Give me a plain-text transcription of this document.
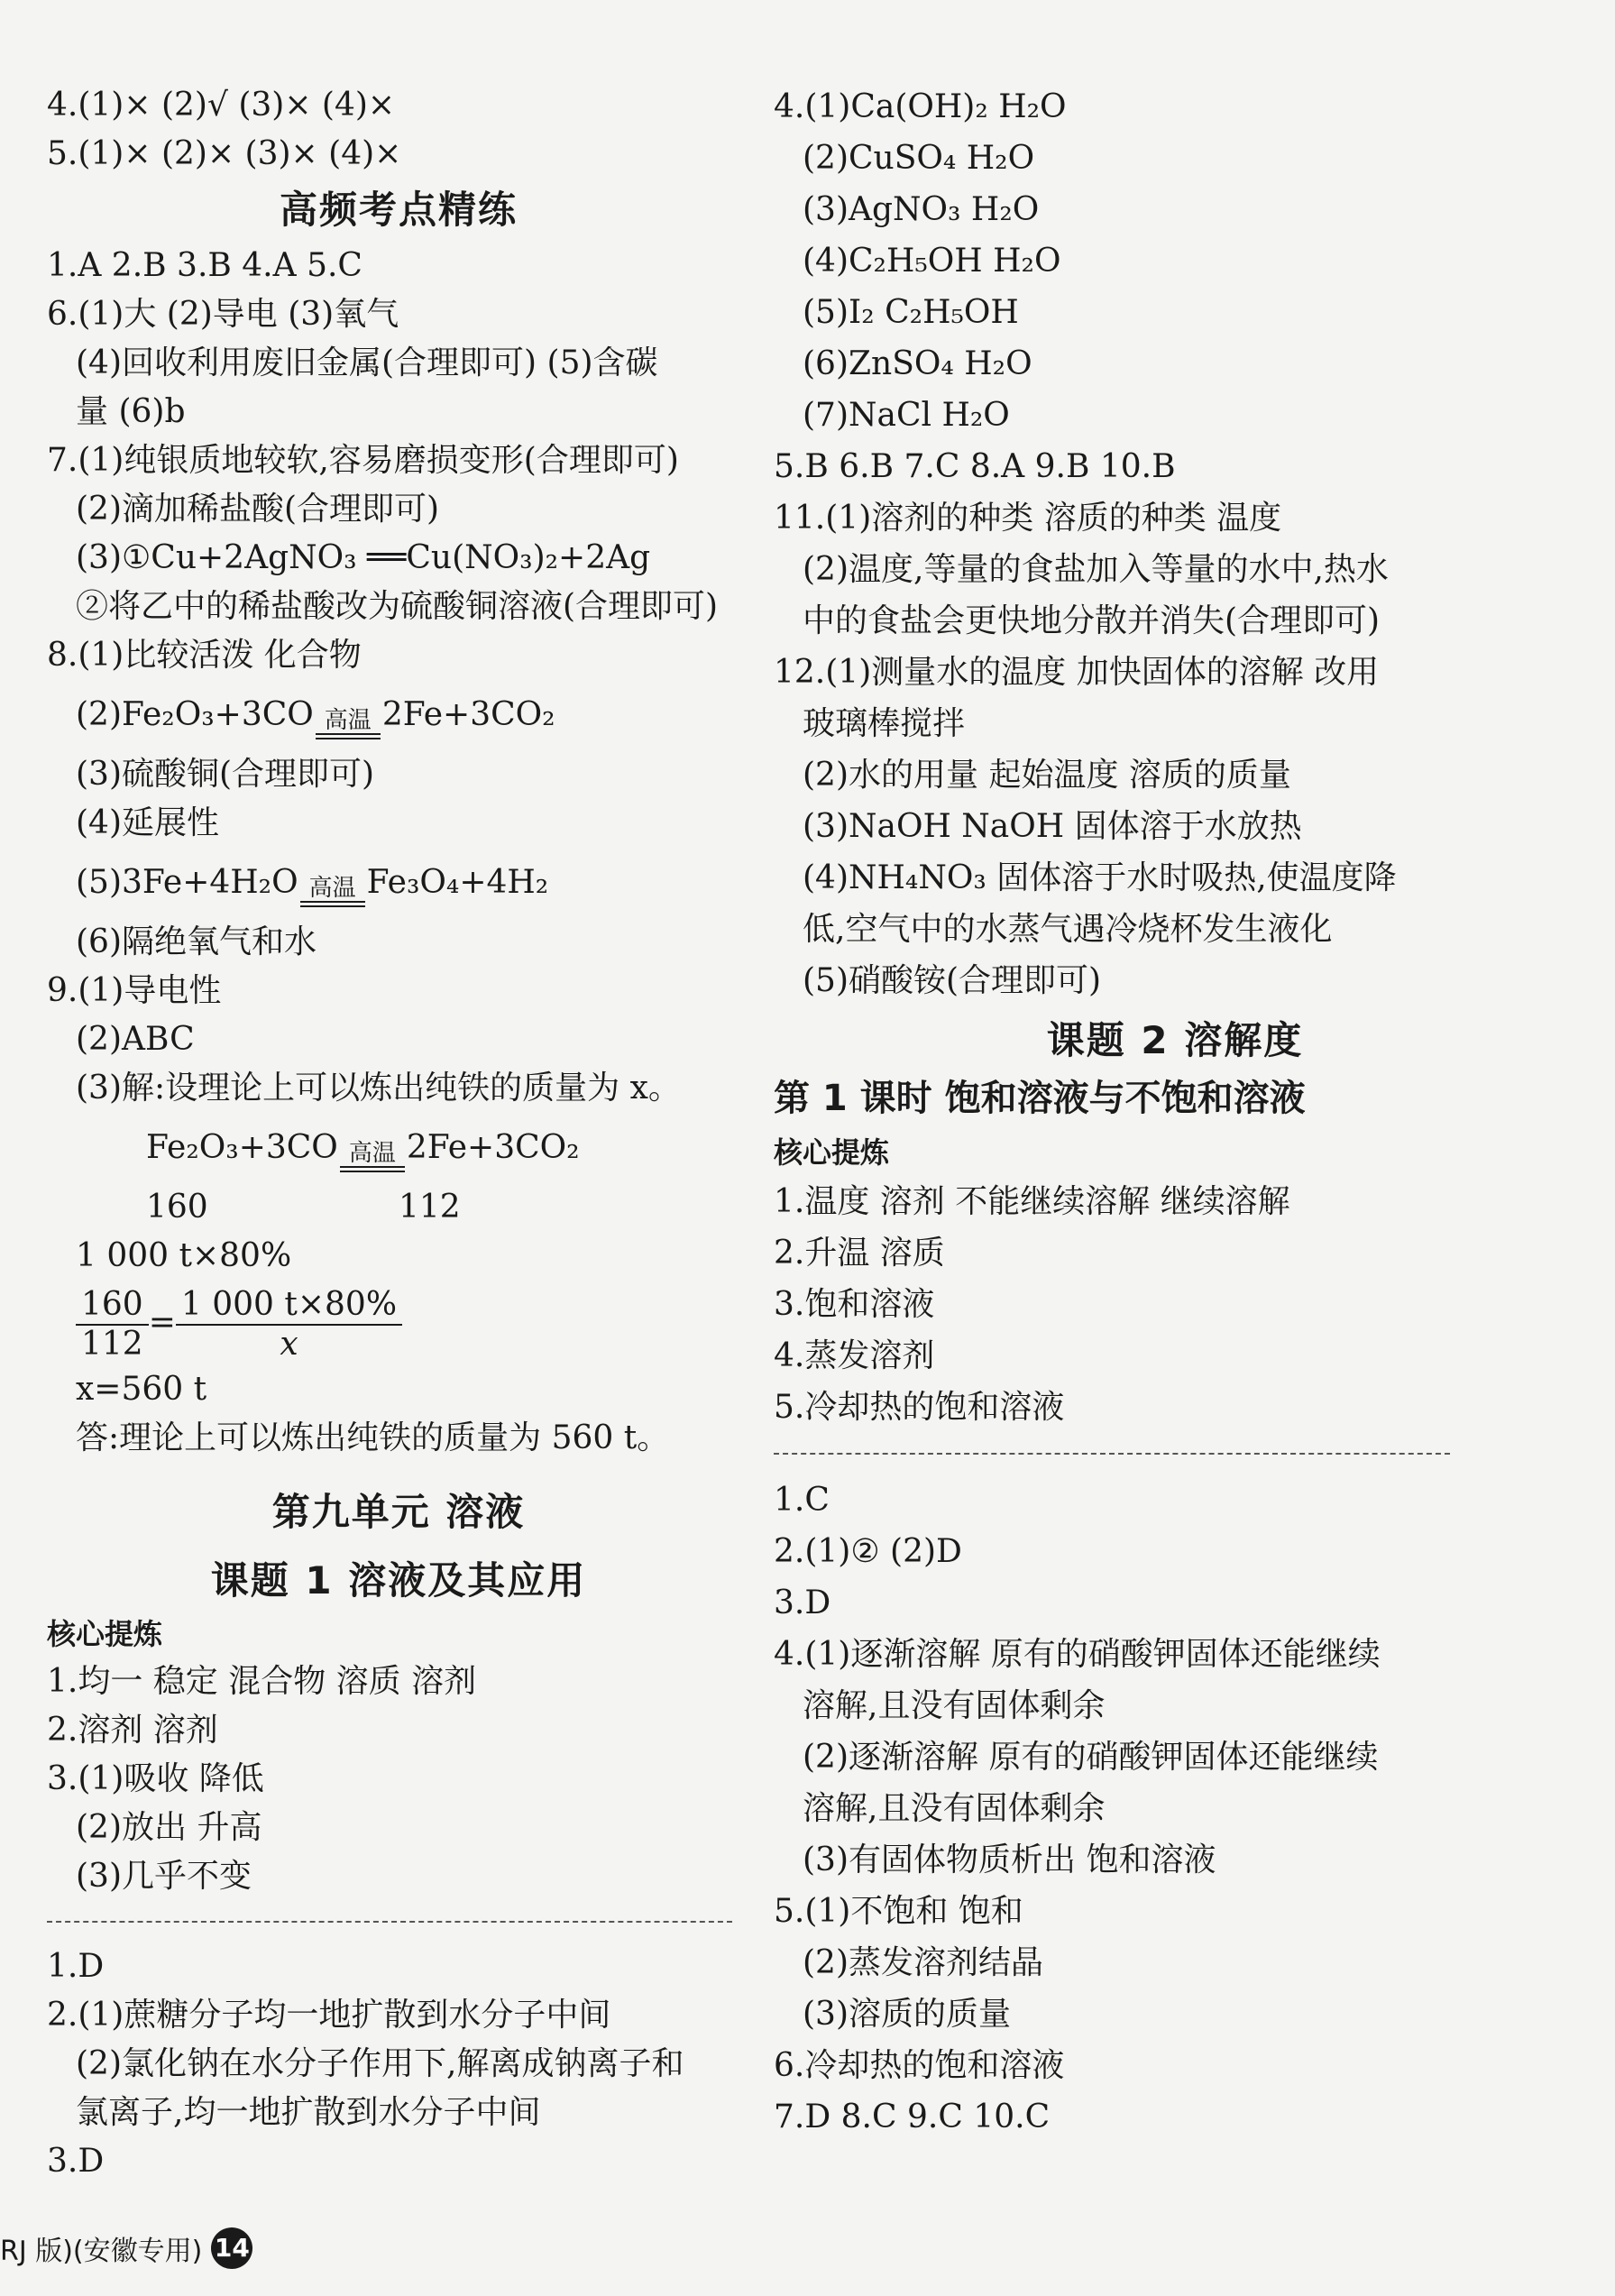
4.(1)× (2)√ (3)× (4)×
5.(1)× (2)× (3)× (4)×
高频考点精练
1.A 2.B 3.B 4.A 5.C
6.(1)大 (2)导电 (3)氧气
(4)回收利用废旧金属(合理即可) (5)含碳
量 (6)b
7.(1)纯银质地较软,容易磨损变形(合理即可)
(2)滴加稀盐酸(合理即可)
(3)①Cu+2AgNO₃ ══Cu(NO₃)₂+2Ag
②将乙中的稀盐酸改为硫酸铜溶液(合理即可)
8.(1)比较活泼 化合物
(2)Fe₂O₃+3CO 高温 2Fe+3CO₂
(3)硫酸铜(合理即可)
(4)延展性
(5)3Fe+4H₂O 高温 Fe₃O₄+4H₂
(6)隔绝氧气和水
9.(1)导电性
(2)ABC
(3)解:设理论上可以炼出纯铁的质量为 x。
Fe₂O₃+3CO 高温 2Fe+3CO₂
160	112
1 000 t×80%
$\frac{160}{112} = \frac{1 000 t\times 80\%}{x}$
x=560 t
答:理论上可以炼出纯铁的质量为 560 t。
第九单元 溶液
课题 1 溶液及其应用
核心提炼
1.均一 稳定 混合物 溶质 溶剂
2.溶剂 溶剂
3.(1)吸收 降低
(2)放出 升高
(3)几乎不变
1.D
2.(1)蔗糖分子均一地扩散到水分子中间
(2)氯化钠在水分子作用下,解离成钠离子和
氯离子,均一地扩散到水分子中间
3.D
4.(1)Ca(OH)₂ H₂O
(2)CuSO₄ H₂O
(3)AgNO₃ H₂O
(4)C₂H₅OH H₂O
(5)I₂ C₂H₅OH
(6)ZnSO₄ H₂O
(7)NaCl H₂O
5.B 6.B 7.C 8.A 9.B 10.B
11.(1)溶剂的种类 溶质的种类 温度
(2)温度,等量的食盐加入等量的水中,热水
中的食盐会更快地分散并消失(合理即可)
12.(1)测量水的温度 加快固体的溶解 改用
玻璃棒搅拌
(2)水的用量 起始温度 溶质的质量
(3)NaOH NaOH 固体溶于水放热
(4)NH₄NO₃ 固体溶于水时吸热,使温度降
低,空气中的水蒸气遇冷烧杯发生液化
(5)硝酸铵(合理即可)
课题 2 溶解度
第 1 课时 饱和溶液与不饱和溶液
核心提炼
1.温度 溶剂 不能继续溶解 继续溶解
2.升温 溶质
3.饱和溶液
4.蒸发溶剂
5.冷却热的饱和溶液
1.C
2.(1)② (2)D
3.D
4.(1)逐渐溶解 原有的硝酸钾固体还能继续
溶解,且没有固体剩余
(2)逐渐溶解 原有的硝酸钾固体还能继续
溶解,且没有固体剩余
(3)有固体物质析出 饱和溶液
5.(1)不饱和 饱和
(2)蒸发溶剂结晶
(3)溶质的质量
6.冷却热的饱和溶液
7.D 8.C 9.C 10.C
RJ 版)(安徽专用) 14
